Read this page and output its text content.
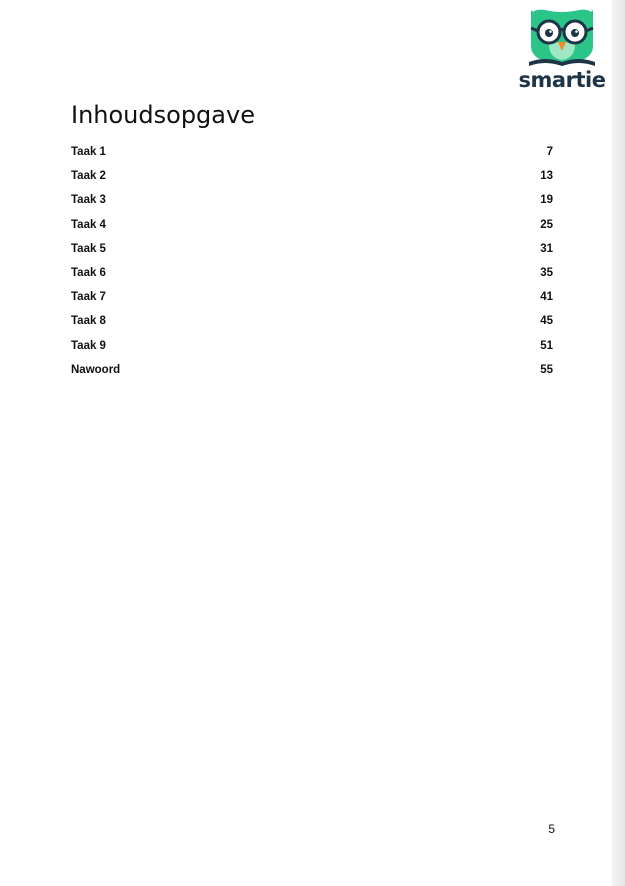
smartie
Inhoudsopgave
Taak 1	7
Taak 2	13
Taak 3	19
Taak 4	25
Taak 5	31
Taak 6	35
Taak 7	41
Taak 8	45
Taak 9	51
Nawoord	55
5
